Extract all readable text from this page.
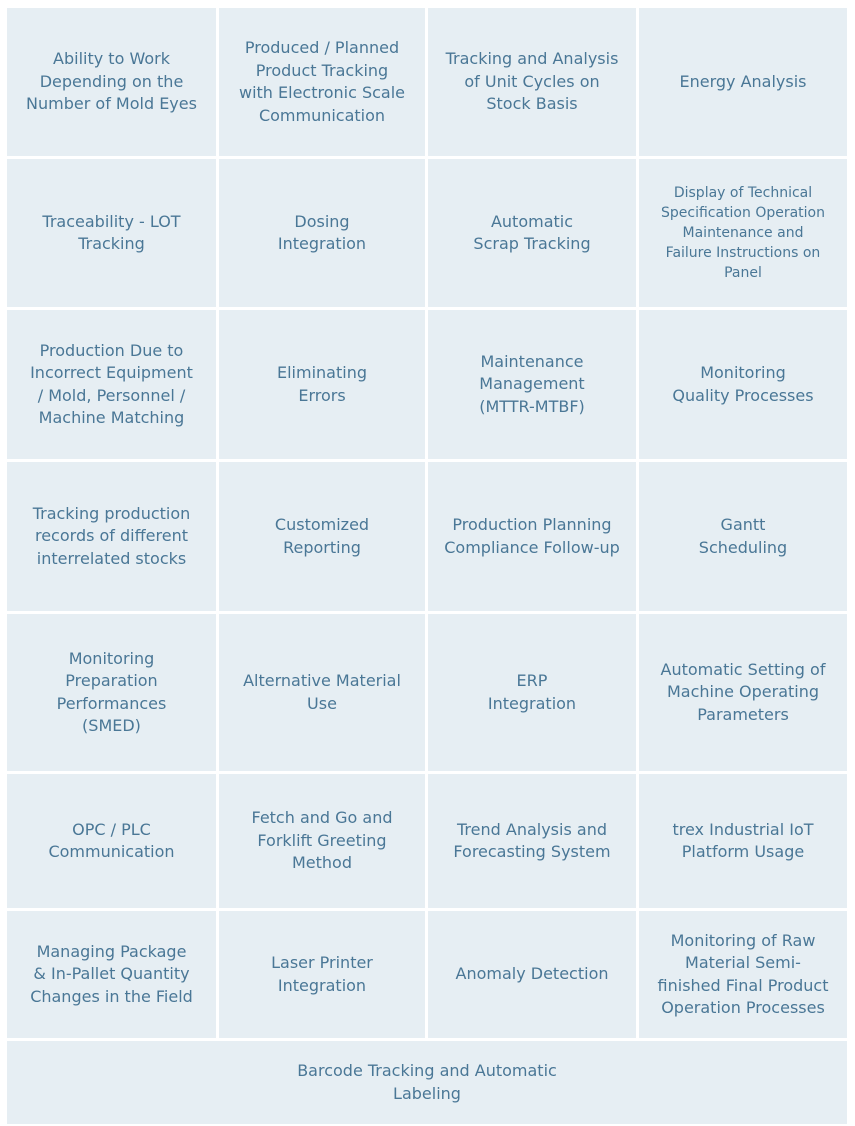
Ability to Work
Depending on the
Number of Mold Eyes
Produced / Planned
Product Tracking
with Electronic Scale
Communication
Tracking and Analysis
of Unit Cycles on
Stock Basis
Energy Analysis
Traceability - LOT
Tracking
Dosing
Integration
Automatic
Scrap Tracking
Display of Technical
Specification Operation
Maintenance and
Failure Instructions on
Panel
Production Due to
Incorrect Equipment
/ Mold, Personnel /
Machine Matching
Eliminating
Errors
Maintenance
Management
(MTTR-MTBF)
Monitoring
Quality Processes
Tracking production
records of different
interrelated stocks
Customized
Reporting
Production Planning
Compliance Follow-up
Gantt
Scheduling
Monitoring
Preparation
Performances
(SMED)
Alternative Material
Use
ERP
Integration
Automatic Setting of
Machine Operating
Parameters
OPC / PLC
Communication
Fetch and Go and
Forklift Greeting
Method
Trend Analysis and
Forecasting System
trex Industrial IoT
Platform Usage
Managing Package
& In-Pallet Quantity
Changes in the Field
Laser Printer
Integration
Anomaly Detection
Monitoring of Raw
Material Semi-
finished Final Product
Operation Processes
Barcode Tracking and Automatic
Labeling
